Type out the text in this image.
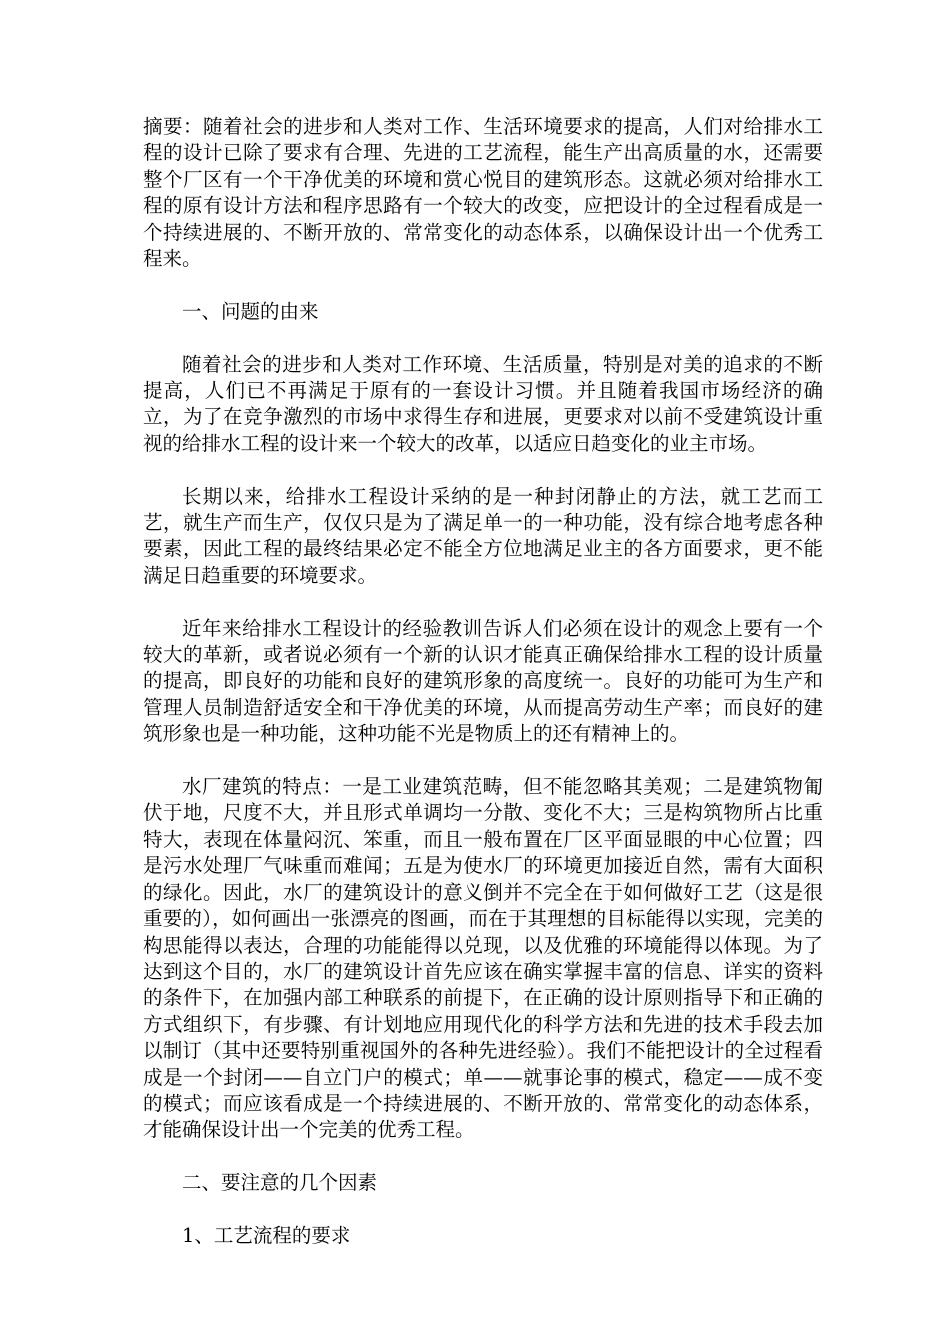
摘要：随着社会的进步和人类对工作、生活环境要求的提高，人们对给排水工程的设计已除了要求有合理、先进的工艺流程，能生产出高质量的水，还需要整个厂区有一个干净优美的环境和赏心悦目的建筑形态。这就必须对给排水工程的原有设计方法和程序思路有一个较大的改变，应把设计的全过程看成是一个持续进展的、不断开放的、常常变化的动态体系，以确保设计出一个优秀工程来。

一、问题的由来

随着社会的进步和人类对工作环境、生活质量，特别是对美的追求的不断提高，人们已不再满足于原有的一套设计习惯。并且随着我国市场经济的确立，为了在竞争激烈的市场中求得生存和进展，更要求对以前不受建筑设计重视的给排水工程的设计来一个较大的改革，以适应日趋变化的业主市场。

长期以来，给排水工程设计采纳的是一种封闭静止的方法，就工艺而工艺，就生产而生产，仅仅只是为了满足单一的一种功能，没有综合地考虑各种要素，因此工程的最终结果必定不能全方位地满足业主的各方面要求，更不能满足日趋重要的环境要求。

近年来给排水工程设计的经验教训告诉人们必须在设计的观念上要有一个较大的革新，或者说必须有一个新的认识才能真正确保给排水工程的设计质量的提高，即良好的功能和良好的建筑形象的高度统一。良好的功能可为生产和管理人员制造舒适安全和干净优美的环境，从而提高劳动生产率；而良好的建筑形象也是一种功能，这种功能不光是物质上的还有精神上的。

水厂建筑的特点：一是工业建筑范畴，但不能忽略其美观；二是建筑物匍伏于地，尺度不大，并且形式单调均一分散、变化不大；三是构筑物所占比重特大，表现在体量闷沉、笨重，而且一般布置在厂区平面显眼的中心位置；四是污水处理厂气味重而难闻；五是为使水厂的环境更加接近自然，需有大面积的绿化。因此，水厂的建筑设计的意义倒并不完全在于如何做好工艺（这是很重要的），如何画出一张漂亮的图画，而在于其理想的目标能得以实现，完美的构思能得以表达，合理的功能能得以兑现，以及优雅的环境能得以体现。为了达到这个目的，水厂的建筑设计首先应该在确实掌握丰富的信息、详实的资料的条件下，在加强内部工种联系的前提下，在正确的设计原则指导下和正确的方式组织下，有步骤、有计划地应用现代化的科学方法和先进的技术手段去加以制订（其中还要特别重视国外的各种先进经验）。我们不能把设计的全过程看成是一个封闭——自立门户的模式；单——就事论事的模式，稳定——成不变的模式；而应该看成是一个持续进展的、不断开放的、常常变化的动态体系，才能确保设计出一个完美的优秀工程。

二、要注意的几个因素

1、工艺流程的要求
